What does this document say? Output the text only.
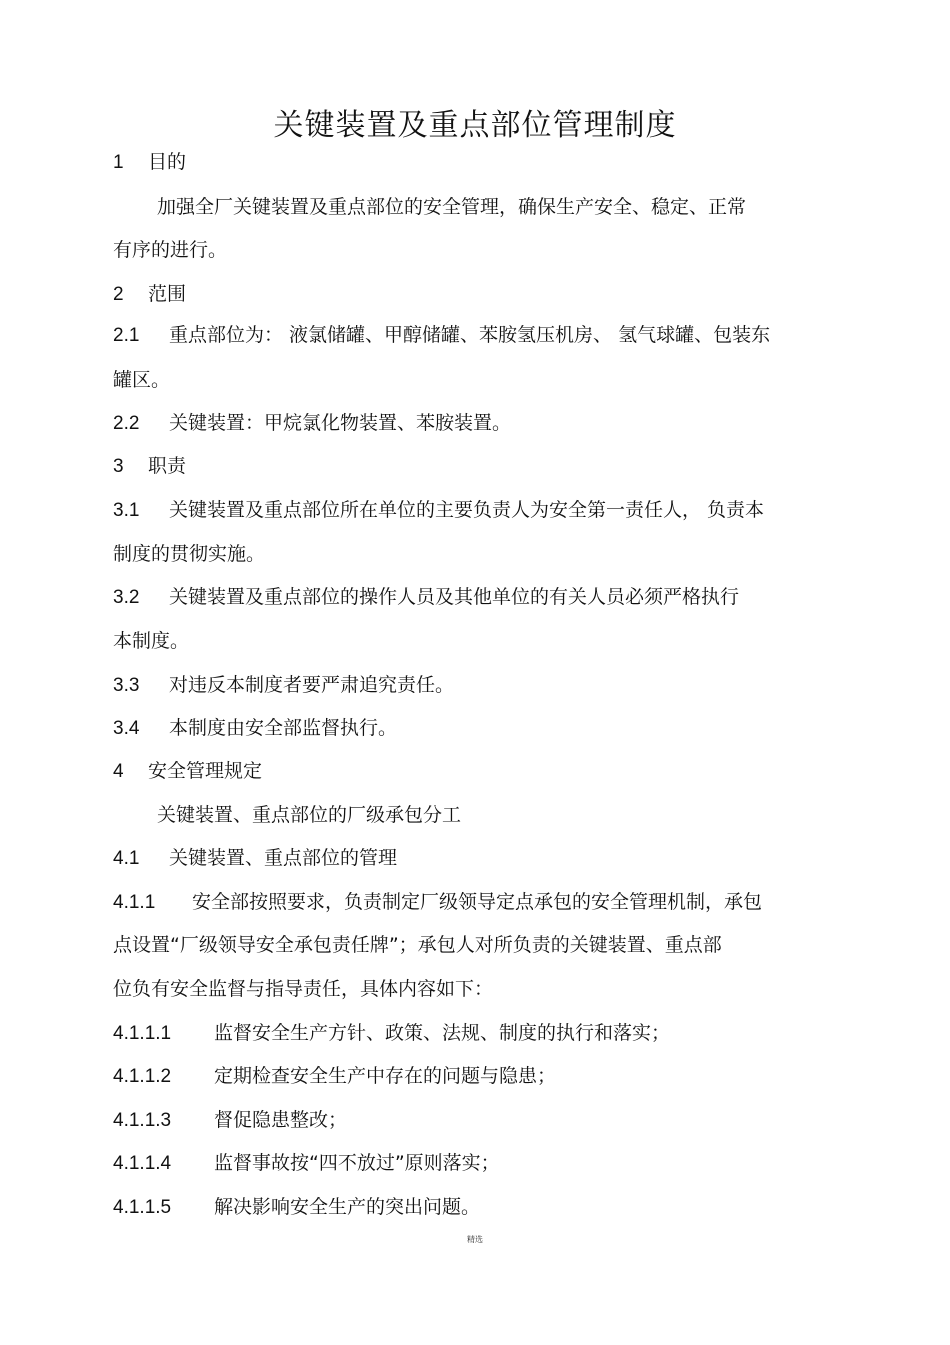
关键装置及重点部位管理制度
1 目的
加强全厂关键装置及重点部位的安全管理，确保生产安全、稳定、正常
有序的进行。
2 范围
2.1 重点部位为： 液氯储罐、甲醇储罐、苯胺氢压机房、 氢气球罐、包装东
罐区。
2.2 关键装置：甲烷氯化物装置、苯胺装置。
3 职责
3.1 关键装置及重点部位所在单位的主要负责人为安全第一责任人， 负责本
制度的贯彻实施。
3.2 关键装置及重点部位的操作人员及其他单位的有关人员必须严格执行
本制度。
3.3 对违反本制度者要严肃追究责任。
3.4 本制度由安全部监督执行。
4 安全管理规定
关键装置、重点部位的厂级承包分工
4.1 关键装置、重点部位的管理
4.1.1 安全部按照要求，负责制定厂级领导定点承包的安全管理机制，承包
点设置“厂级领导安全承包责任牌”；承包人对所负责的关键装置、重点部
位负有安全监督与指导责任，具体内容如下：
4.1.1.1 监督安全生产方针、政策、法规、制度的执行和落实；
4.1.1.2 定期检查安全生产中存在的问题与隐患；
4.1.1.3 督促隐患整改；
4.1.1.4 监督事故按“四不放过”原则落实；
4.1.1.5 解决影响安全生产的突出问题。
精选
